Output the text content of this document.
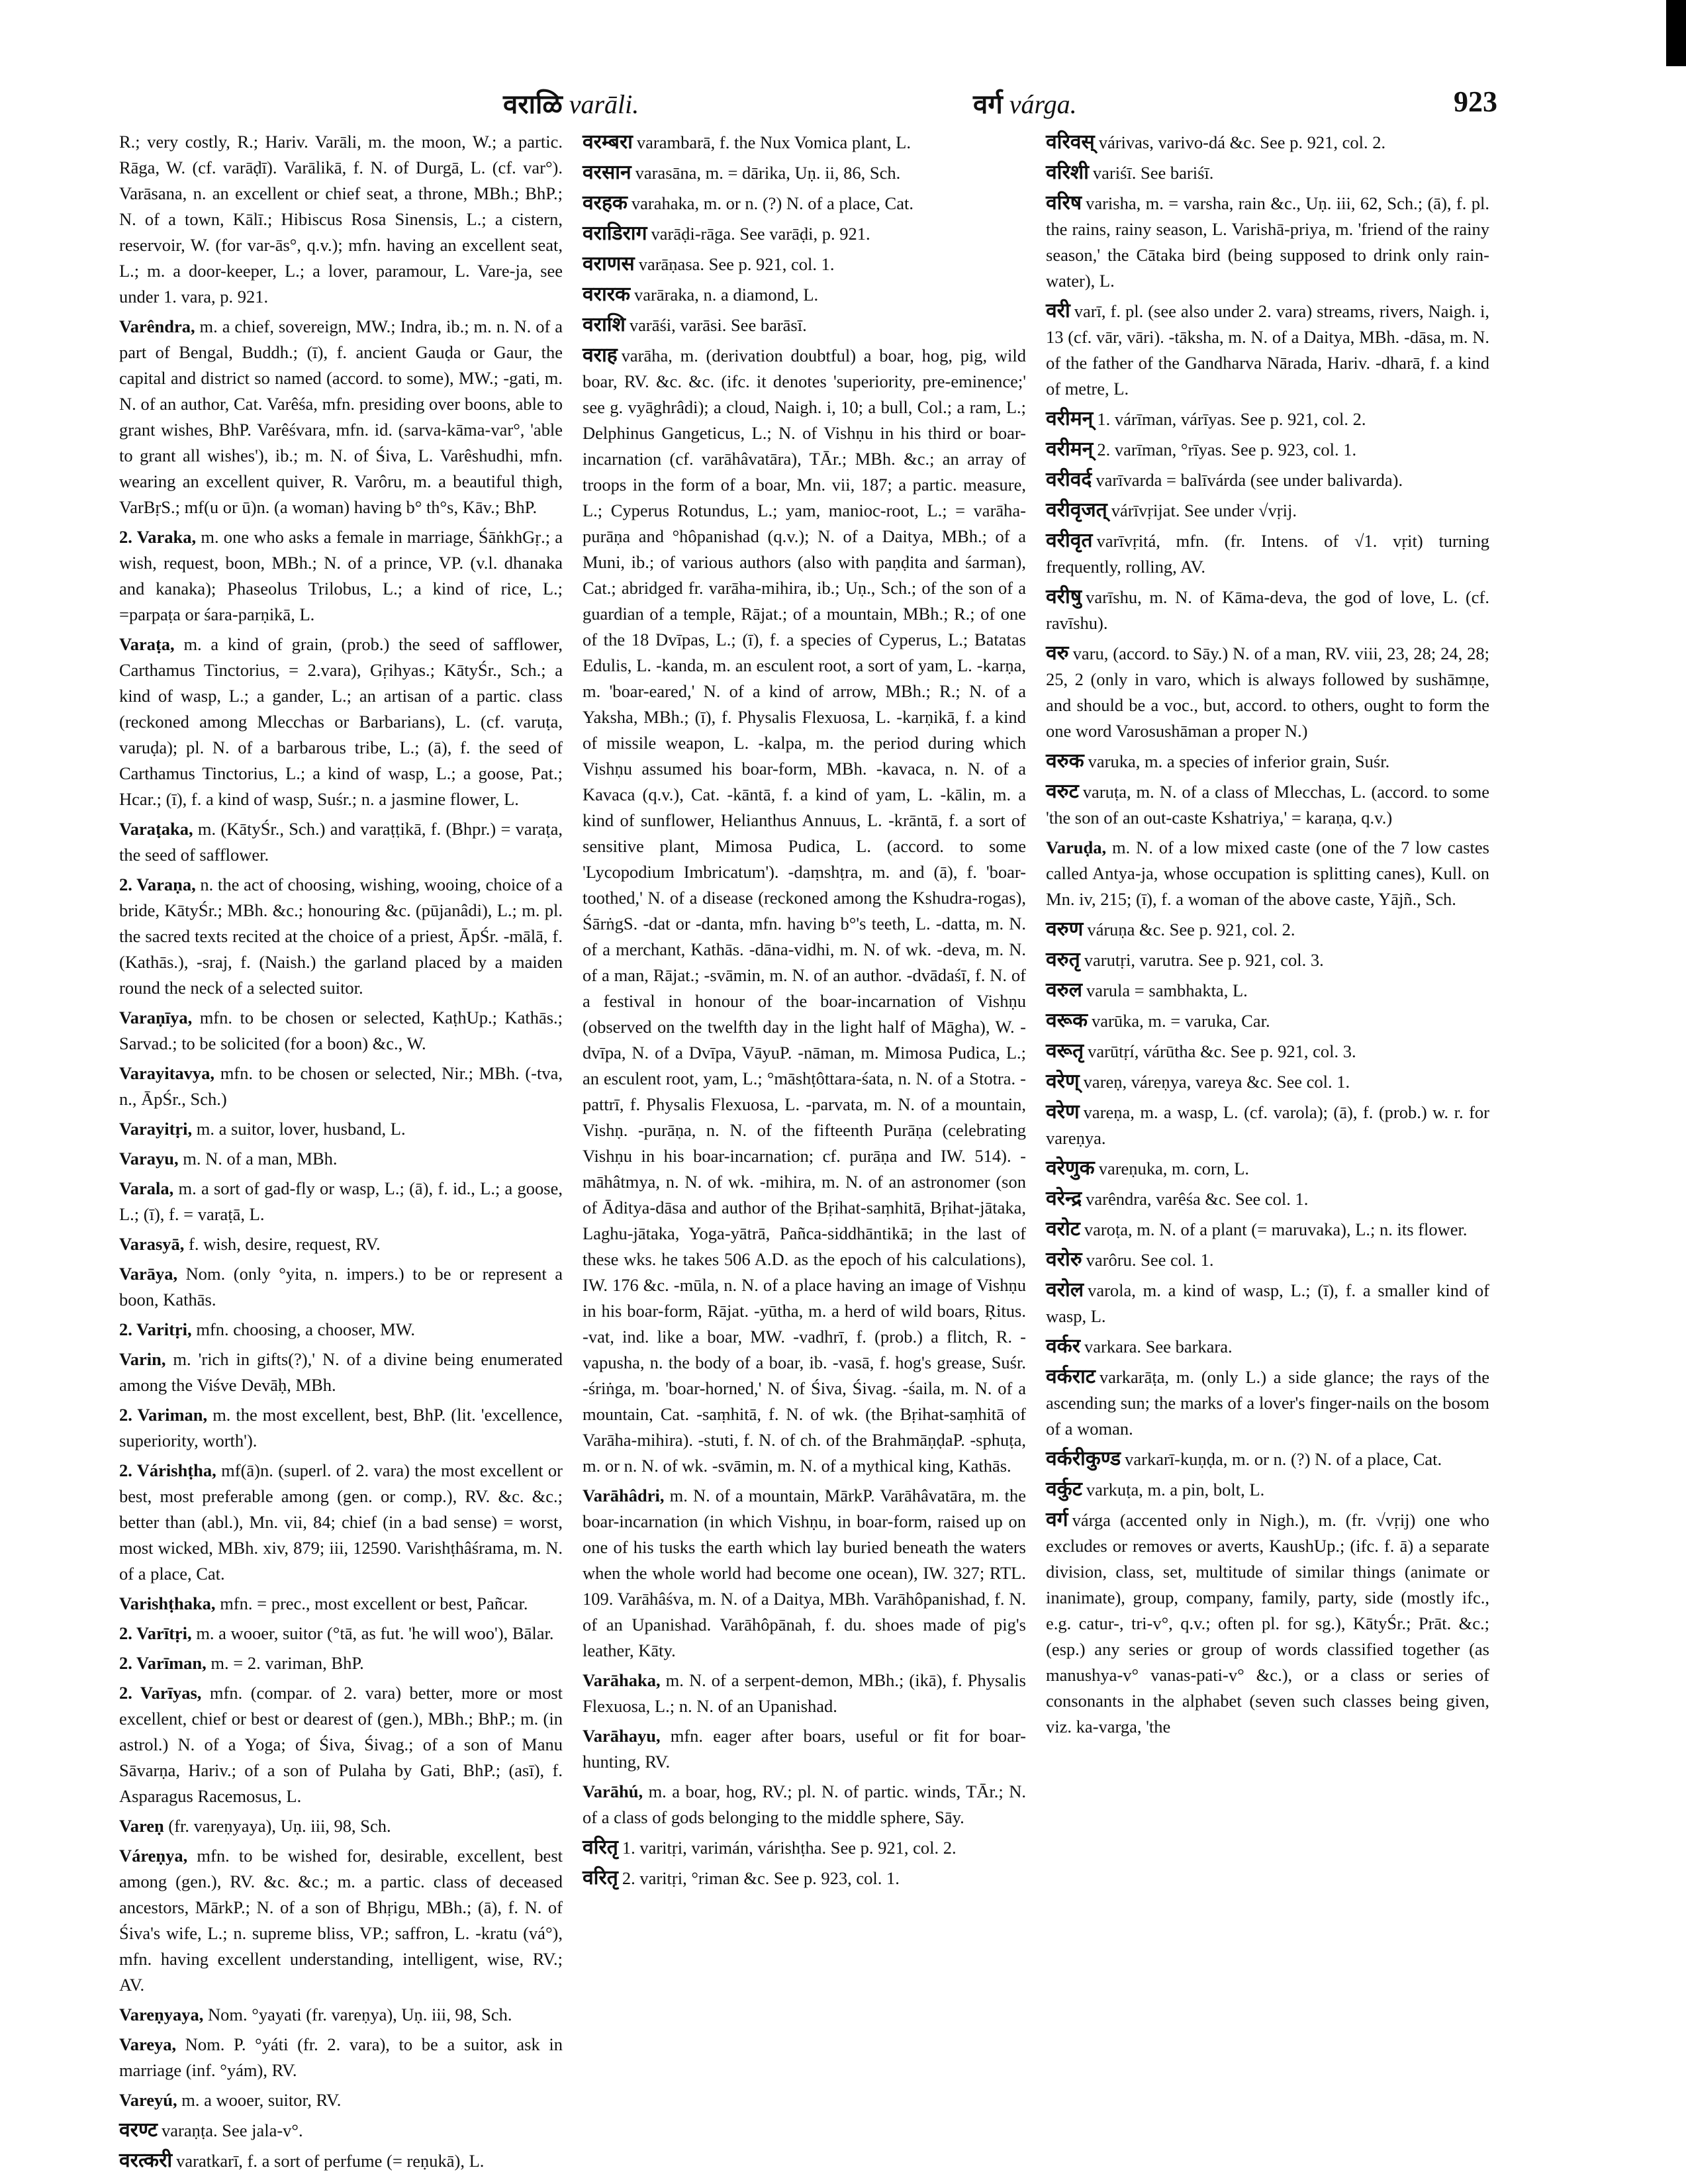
वराळि varāli.	वर्ग várga.	923

R.; very costly, R.; Hariv. Varāli, m. the moon, W.; a partic. Rāga, W. (cf. varāḍī). Varālikā, f. N. of Durgā, L. (cf. var°). Varāsana, n. an excellent or chief seat, a throne, MBh.; BhP.; N. of a town, Kālī.; Hibiscus Rosa Sinensis, L.; a cistern, reservoir, W. (for var-ās°, q.v.); mfn. having an excellent seat, L.; m. a door-keeper, L.; a lover, paramour, L. Vare-ja, see under 1. vara, p. 921.

Varêndra, m. a chief, sovereign, MW.; Indra, ib.; m. n. N. of a part of Bengal, Buddh.; (ī), f. ancient Gauḍa or Gaur, the capital and district so named (accord. to some), MW.; -gati, m. N. of an author, Cat. Varêśa, mfn. presiding over boons, able to grant wishes, BhP. Varêśvara, mfn. id. (sarva-kāma-var°, 'able to grant all wishes'), ib.; m. N. of Śiva, L. Varêshudhi, mfn. wearing an excellent quiver, R. Varôru, m. a beautiful thigh, VarBṛS.; mf(u or ū)n. (a woman) having b° th°s, Kāv.; BhP.

2. Varaka, m. one who asks a female in marriage, ŚāṅkhGṛ.; a wish, request, boon, MBh.; N. of a prince, VP. (v.l. dhanaka and kanaka); Phaseolus Trilobus, L.; a kind of rice, L.; =parpaṭa or śara-parṇikā, L.

Varaṭa, m. a kind of grain, (prob.) the seed of safflower, Carthamus Tinctorius, = 2.vara), Gṛihyas.; KātyŚr., Sch.; a kind of wasp, L.; a gander, L.; an artisan of a partic. class (reckoned among Mlecchas or Barbarians), L. (cf. varuṭa, varuḍa); pl. N. of a barbarous tribe, L.; (ā), f. the seed of Carthamus Tinctorius, L.; a kind of wasp, L.; a goose, Pat.; Hcar.; (ī), f. a kind of wasp, Suśr.; n. a jasmine flower, L.

Varaṭaka, m. (KātyŚr., Sch.) and varaṭṭikā, f. (Bhpr.) = varaṭa, the seed of safflower.

2. Varaṇa, n. the act of choosing, wishing, wooing, choice of a bride, KātyŚr.; MBh. &c.; honouring &c. (pūjanâdi), L.; m. pl. the sacred texts recited at the choice of a priest, ĀpŚr. -mālā, f. (Kathās.), -sraj, f. (Naish.) the garland placed by a maiden round the neck of a selected suitor.

Varaṇīya, mfn. to be chosen or selected, KaṭhUp.; Kathās.; Sarvad.; to be solicited (for a boon) &c., W.

Varayitavya, mfn. to be chosen or selected, Nir.; MBh. (-tva, n., ĀpŚr., Sch.)

Varayitṛi, m. a suitor, lover, husband, L.

Varayu, m. N. of a man, MBh.

Varala, m. a sort of gad-fly or wasp, L.; (ā), f. id., L.; a goose, L.; (ī), f. = varaṭā, L.

Varasyā, f. wish, desire, request, RV.

Varāya, Nom. (only °yita, n. impers.) to be or represent a boon, Kathās.

2. Varitṛi, mfn. choosing, a chooser, MW.

Varin, m. 'rich in gifts(?),' N. of a divine being enumerated among the Viśve Devāḥ, MBh.

2. Variman, m. the most excellent, best, BhP. (lit. 'excellence, superiority, worth').

2. Várishṭha, mf(ā)n. (superl. of 2. vara) the most excellent or best, most preferable among (gen. or comp.), RV. &c. &c.; better than (abl.), Mn. vii, 84; chief (in a bad sense) = worst, most wicked, MBh. xiv, 879; iii, 12590. Varishṭhâśrama, m. N. of a place, Cat.

Varishṭhaka, mfn. = prec., most excellent or best, Pañcar.

2. Varītṛi, m. a wooer, suitor (°tā, as fut. 'he will woo'), Bālar.

2. Varīman, m. = 2. variman, BhP.

2. Varīyas, mfn. (compar. of 2. vara) better, more or most excellent, chief or best or dearest of (gen.), MBh.; BhP.; m. (in astrol.) N. of a Yoga; of Śiva, Śivag.; of a son of Manu Sāvarṇa, Hariv.; of a son of Pulaha by Gati, BhP.; (asī), f. Asparagus Racemosus, L.

Vareṇ (fr. vareṇyaya), Uṇ. iii, 98, Sch.

Váreṇya, mfn. to be wished for, desirable, excellent, best among (gen.), RV. &c. &c.; m. a partic. class of deceased ancestors, MārkP.; N. of a son of Bhṛigu, MBh.; (ā), f. N. of Śiva's wife, L.; n. supreme bliss, VP.; saffron, L. -kratu (vá°), mfn. having excellent understanding, intelligent, wise, RV.; AV.

Vareṇyaya, Nom. °yayati (fr. vareṇya), Uṇ. iii, 98, Sch.

Vareya, Nom. P. °yáti (fr. 2. vara), to be a suitor, ask in marriage (inf. °yám), RV.

Vareyú, m. a wooer, suitor, RV.

वरण्ट varaṇṭa. See jala-v°.

वरत्करी varatkarī, f. a sort of perfume (= reṇukā), L.

वरम्बरा varambarā, f. the Nux Vomica plant, L.

वरसान varasāna, m. = dārika, Uṇ. ii, 86, Sch.

वरहक varahaka, m. or n. (?) N. of a place, Cat.

वराडिराग varāḍi-rāga. See varāḍi, p. 921.

वराणस varāṇasa. See p. 921, col. 1.

वरारक varāraka, n. a diamond, L.

वराशि varāśi, varāsi. See barāsī.

वराह varāha, m. (derivation doubtful) a boar, hog, pig, wild boar, RV. &c. &c. (ifc. it denotes 'superiority, pre-eminence;' see g. vyāghrâdi); a cloud, Naigh. i, 10; a bull, Col.; a ram, L.; Delphinus Gangeticus, L.; N. of Vishṇu in his third or boar-incarnation (cf. varāhâvatāra), TĀr.; MBh. &c.; an array of troops in the form of a boar, Mn. vii, 187; a partic. measure, L.; Cyperus Rotundus, L.; yam, manioc-root, L.; = varāha-purāṇa and °hôpanishad (q.v.); N. of a Daitya, MBh.; of a Muni, ib.; of various authors (also with paṇḍita and śarman), Cat.; abridged fr. varāha-mihira, ib.; Uṇ., Sch.; of the son of a guardian of a temple, Rājat.; of a mountain, MBh.; R.; of one of the 18 Dvīpas, L.; (ī), f. a species of Cyperus, L.; Batatas Edulis, L. -kanda, m. an esculent root, a sort of yam, L. -karṇa, m. 'boar-eared,' N. of a kind of arrow, MBh.; R.; N. of a Yaksha, MBh.; (ī), f. Physalis Flexuosa, L. -karṇikā, f. a kind of missile weapon, L. -kalpa, m. the period during which Vishṇu assumed his boar-form, MBh. -kavaca, n. N. of a Kavaca (q.v.), Cat. -kāntā, f. a kind of yam, L. -kālin, m. a kind of sunflower, Helianthus Annuus, L. -krāntā, f. a sort of sensitive plant, Mimosa Pudica, L. (accord. to some 'Lycopodium Imbricatum'). -daṃshṭra, m. and (ā), f. 'boar-toothed,' N. of a disease (reckoned among the Kshudra-rogas), ŚārṅgS. -dat or -danta, mfn. having b°'s teeth, L. -datta, m. N. of a merchant, Kathās. -dāna-vidhi, m. N. of wk. -deva, m. N. of a man, Rājat.; -svāmin, m. N. of an author. -dvādaśī, f. N. of a festival in honour of the boar-incarnation of Vishṇu (observed on the twelfth day in the light half of Māgha), W. -dvīpa, N. of a Dvīpa, VāyuP. -nāman, m. Mimosa Pudica, L.; an esculent root, yam, L.; °māshṭôttara-śata, n. N. of a Stotra. -pattrī, f. Physalis Flexuosa, L. -parvata, m. N. of a mountain, Vishṇ. -purāṇa, n. N. of the fifteenth Purāṇa (celebrating Vishṇu in his boar-incarnation; cf. purāṇa and IW. 514). -māhâtmya, n. N. of wk. -mihira, m. N. of an astronomer (son of Āditya-dāsa and author of the Bṛihat-saṃhitā, Bṛihat-jātaka, Laghu-jātaka, Yoga-yātrā, Pañca-siddhāntikā; in the last of these wks. he takes 506 A.D. as the epoch of his calculations), IW. 176 &c. -mūla, n. N. of a place having an image of Vishṇu in his boar-form, Rājat. -yūtha, m. a herd of wild boars, Ṛitus. -vat, ind. like a boar, MW. -vadhrī, f. (prob.) a flitch, R. -vapusha, n. the body of a boar, ib. -vasā, f. hog's grease, Suśr. -śriṅga, m. 'boar-horned,' N. of Śiva, Śivag. -śaila, m. N. of a mountain, Cat. -saṃhitā, f. N. of wk. (the Bṛihat-saṃhitā of Varāha-mihira). -stuti, f. N. of ch. of the BrahmāṇḍaP. -sphuṭa, m. or n. N. of wk. -svāmin, m. N. of a mythical king, Kathās.

Varāhâdri, m. N. of a mountain, MārkP. Varāhâvatāra, m. the boar-incarnation (in which Vishṇu, in boar-form, raised up on one of his tusks the earth which lay buried beneath the waters when the whole world had become one ocean), IW. 327; RTL. 109. Varāhâśva, m. N. of a Daitya, MBh. Varāhôpanishad, f. N. of an Upanishad. Varāhôpānah, f. du. shoes made of pig's leather, Kāty.

Varāhaka, m. N. of a serpent-demon, MBh.; (ikā), f. Physalis Flexuosa, L.; n. N. of an Upanishad.

Varāhayu, mfn. eager after boars, useful or fit for boar-hunting, RV.

Varāhú, m. a boar, hog, RV.; pl. N. of partic. winds, TĀr.; N. of a class of gods belonging to the middle sphere, Sāy.

वरितृ 1. varitṛi, varimán, várishṭha. See p. 921, col. 2.

वरितृ 2. varitṛi, °riman &c. See p. 923, col. 1.

वरिवस् várivas, varivo-dá &c. See p. 921, col. 2.

वरिशी variśī. See bariśī.

वरिष varisha, m. = varsha, rain &c., Uṇ. iii, 62, Sch.; (ā), f. pl. the rains, rainy season, L. Varishā-priya, m. 'friend of the rainy season,' the Cātaka bird (being supposed to drink only rain-water), L.

वरी varī, f. pl. (see also under 2. vara) streams, rivers, Naigh. i, 13 (cf. vār, vāri). -tāksha, m. N. of a Daitya, MBh. -dāsa, m. N. of the father of the Gandharva Nārada, Hariv. -dharā, f. a kind of metre, L.

वरीमन् 1. várīman, várīyas. See p. 921, col. 2.

वरीमन् 2. varīman, °rīyas. See p. 923, col. 1.

वरीवर्द varīvarda = balīvárda (see under balivarda).

वरीवृजत् várīvṛijat. See under √vṛij.

वरीवृत varīvṛitá, mfn. (fr. Intens. of √1. vṛit) turning frequently, rolling, AV.

वरीषु varīshu, m. N. of Kāma-deva, the god of love, L. (cf. ravīshu).

वरु varu, (accord. to Sāy.) N. of a man, RV. viii, 23, 28; 24, 28; 25, 2 (only in varo, which is always followed by sushāmṇe, and should be a voc., but, accord. to others, ought to form the one word Varosushāman a proper N.)

वरुक varuka, m. a species of inferior grain, Suśr.

वरुट varuṭa, m. N. of a class of Mlecchas, L. (accord. to some 'the son of an out-caste Kshatriya,' = karaṇa, q.v.)

Varuḍa, m. N. of a low mixed caste (one of the 7 low castes called Antya-ja, whose occupation is splitting canes), Kull. on Mn. iv, 215; (ī), f. a woman of the above caste, Yājñ., Sch.

वरुण váruṇa &c. See p. 921, col. 2.

वरुतृ varutṛi, varutra. See p. 921, col. 3.

वरुल varula = sambhakta, L.

वरूक varūka, m. = varuka, Car.

वरूतृ varūtṛí, várūtha &c. See p. 921, col. 3.

वरेण् vareṇ, váreṇya, vareya &c. See col. 1.

वरेण vareṇa, m. a wasp, L. (cf. varola); (ā), f. (prob.) w. r. for vareṇya.

वरेणुक vareṇuka, m. corn, L.

वरेन्द्र varêndra, varêśa &c. See col. 1.

वरोट varoṭa, m. N. of a plant (= maruvaka), L.; n. its flower.

वरोरु varôru. See col. 1.

वरोल varola, m. a kind of wasp, L.; (ī), f. a smaller kind of wasp, L.

वर्कर varkara. See barkara.

वर्कराट varkarāṭa, m. (only L.) a side glance; the rays of the ascending sun; the marks of a lover's finger-nails on the bosom of a woman.

वर्करीकुण्ड varkarī-kuṇḍa, m. or n. (?) N. of a place, Cat.

वर्कुट varkuṭa, m. a pin, bolt, L.

वर्ग várga (accented only in Nigh.), m. (fr. √vṛij) one who excludes or removes or averts, KaushUp.; (ifc. f. ā) a separate division, class, set, multitude of similar things (animate or inanimate), group, company, family, party, side (mostly ifc., e.g. catur-, tri-v°, q.v.; often pl. for sg.), KātyŚr.; Prāt. &c.; (esp.) any series or group of words classified together (as manushya-v° vanas-pati-v° &c.), or a class or series of consonants in the alphabet (seven such classes being given, viz. ka-varga, 'the
